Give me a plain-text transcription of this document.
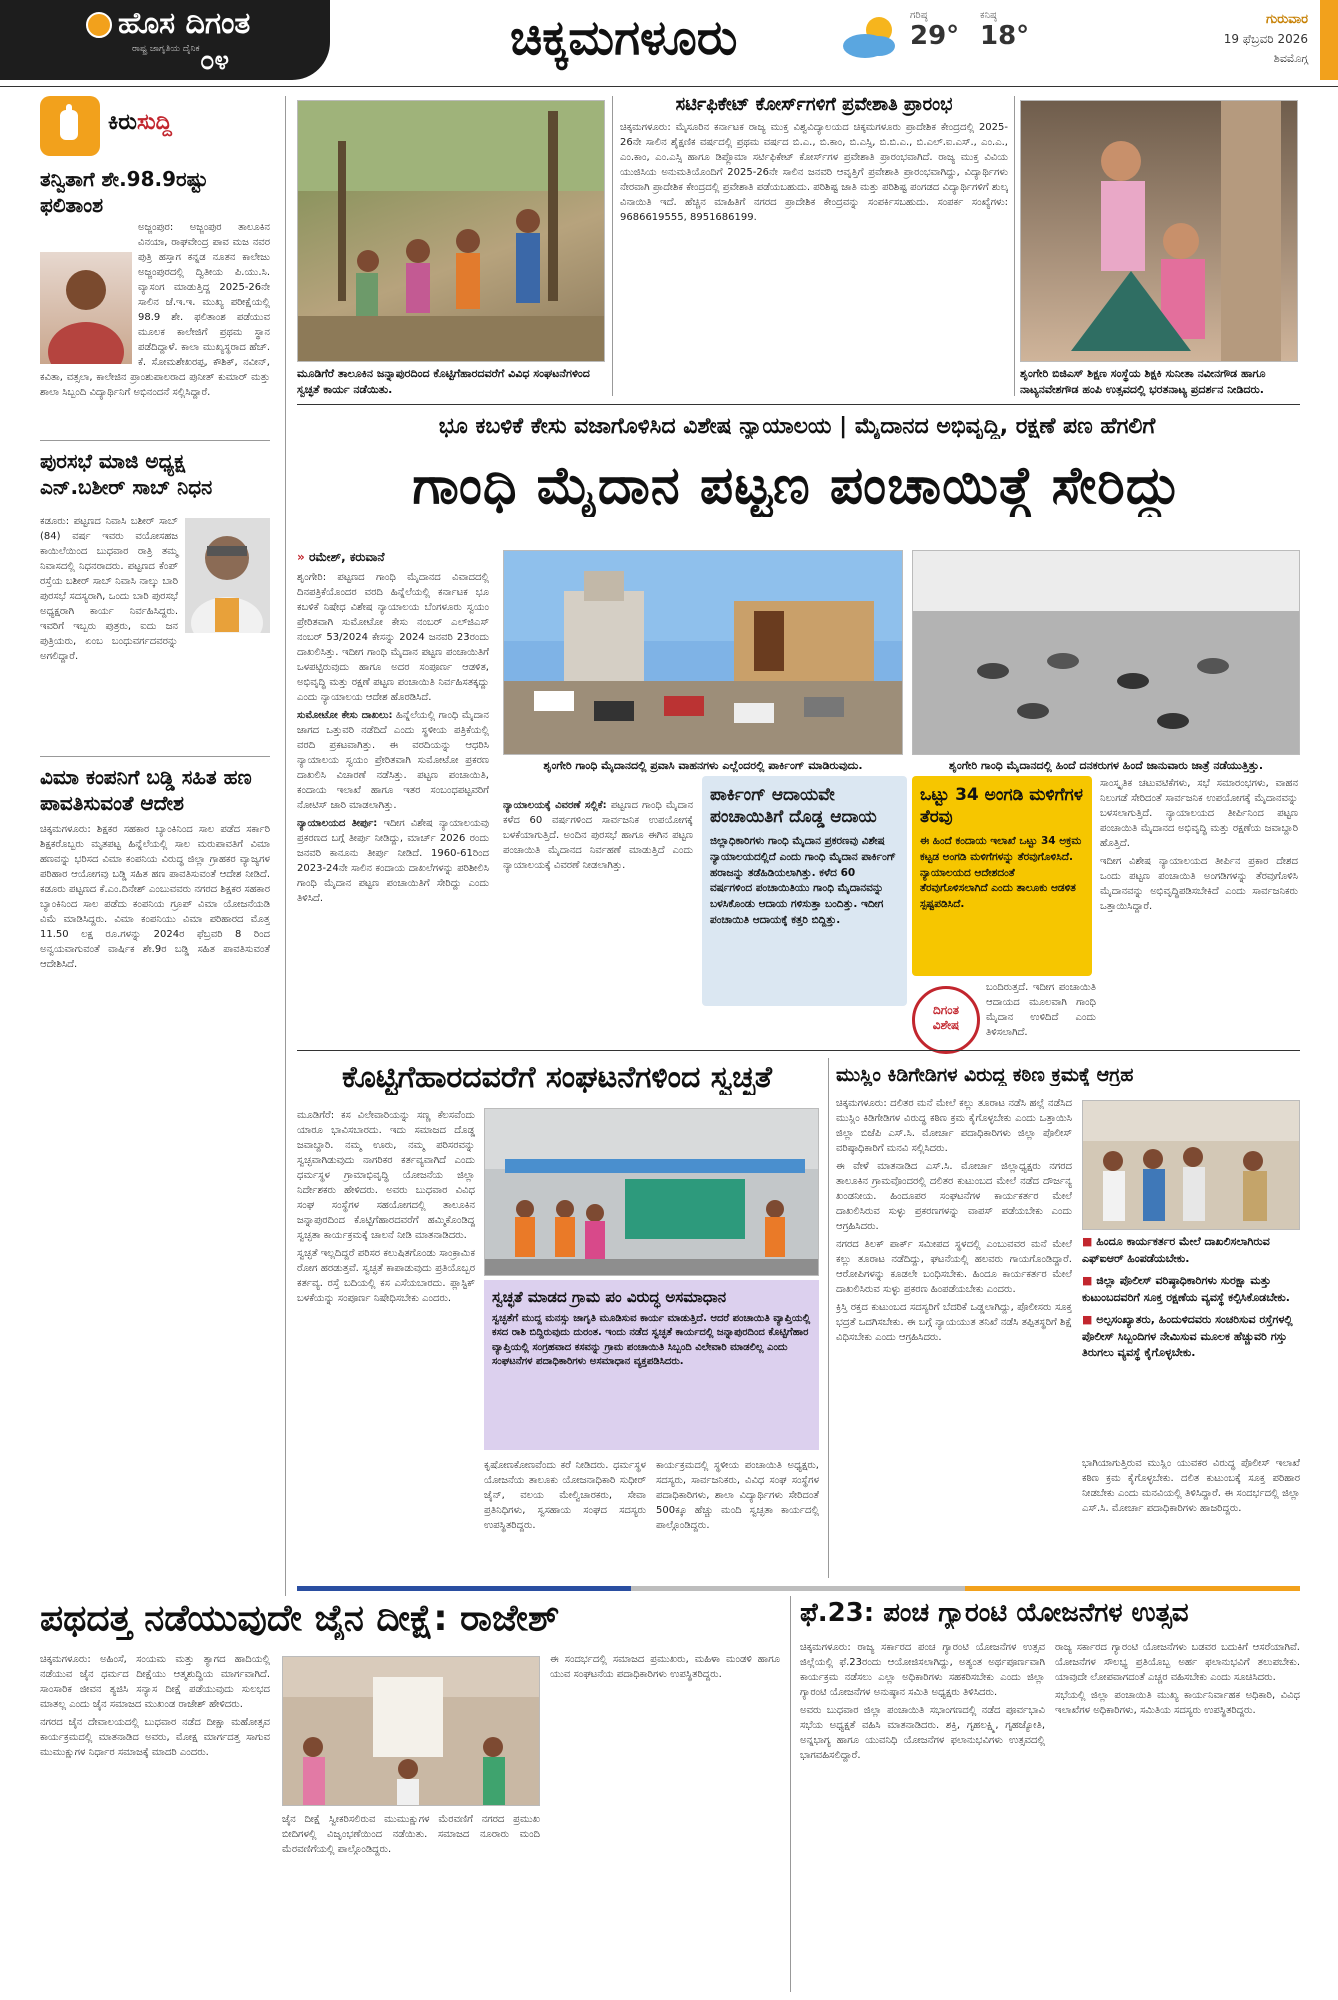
ಹೊಸ ದಿಗಂತ
ರಾಷ್ಟ್ರ ಜಾಗೃತಿಯ ದೈನಿಕ ೦೪	ಚಿಕ್ಕಮಗಳೂರು	ಗರಿಷ್ಠ
29°
ಕನಿಷ್ಠ
18°
ಗುರುವಾರ
19 ಫೆಬ್ರವರಿ 2026
ಶಿವಮೊಗ್ಗ
ಕಿರುಸುದ್ದಿ
ತನ್ವಿತಾಗೆ ಶೇ.98.9ರಷ್ಟು ಫಲಿತಾಂಶ
ಅಜ್ಜಂಪುರ: ಅಜ್ಜಂಪುರ ತಾಲೂಕಿನ ವಿನಯಾ, ರಾಘವೇಂದ್ರ ಪಾವ ಮಜ ನವರ ಪುತ್ರಿ ಹಸ್ತಾಗ ಕನ್ನಡ ನೂತನ ಕಾಲೇಜು ಅಜ್ಜಂಪುರದಲ್ಲಿ ದ್ವಿತೀಯ ಪಿ.ಯು.ಸಿ. ವ್ಯಾಸಂಗ ಮಾಡುತ್ತಿದ್ದ 2025-26ನೇ ಸಾಲಿನ ಜೆ.ಇ.ಇ. ಮುಖ್ಯ ಪರೀಕ್ಷೆಯಲ್ಲಿ 98.9 ಶೇ. ಫಲಿತಾಂಶ ಪಡೆಯುವ ಮೂಲಕ ಕಾಲೇಜಿಗೆ ಪ್ರಥಮ ಸ್ಥಾನ ಪಡೆದಿದ್ದಾಳೆ. ಕಾಲಾ ಮುಖ್ಯಸ್ಥರಾದ ಹೆಚ್. ಕೆ. ಸೋಮಶೇಖರಪ್ಪ, ಕೌಶಿಕ್, ನವೀನ್, ಕವಿತಾ, ವತ್ಸಲಾ, ಕಾಲೇಜಿನ ಪ್ರಾಂಶುಪಾಲರಾದ ಪುನೀತ್ ಕುಮಾರ್ ಮತ್ತು ಶಾಲಾ ಸಿಬ್ಬಂದಿ ವಿದ್ಯಾರ್ಥಿನಿಗೆ ಅಭಿನಂದನೆ ಸಲ್ಲಿಸಿದ್ದಾರೆ.
ಪುರಸಭೆ ಮಾಜಿ ಅಧ್ಯಕ್ಷ ಎನ್.ಬಶೀರ್ ಸಾಬ್ ನಿಧನ
ಕಡೂರು: ಪಟ್ಟಣದ ನಿವಾಸಿ ಬಶೀರ್ ಸಾಬ್ (84) ವರ್ಷ ಇವರು ವಯೋಸಹಜ ಕಾಯಿಲೆಯಿಂದ ಬುಧವಾರ ರಾತ್ರಿ ತಮ್ಮ ನಿವಾಸದಲ್ಲಿ ನಿಧನರಾದರು. ಪಟ್ಟಣದ ಕೆಂಪ್‌ ರಸ್ತೆಯ ಬಶೀರ್ ಸಾಬ್ ನಿವಾಸಿ ನಾಲ್ಕು ಬಾರಿ ಪುರಸಭೆ ಸದಸ್ಯರಾಗಿ, ಒಂದು ಬಾರಿ ಪುರಸಭೆ ಅಧ್ಯಕ್ಷರಾಗಿ ಕಾರ್ಯ ನಿರ್ವಹಿಸಿದ್ದರು. ಇವರಿಗೆ ಇಬ್ಬರು ಪುತ್ರರು, ಐದು ಜನ ಪುತ್ರಿಯರು, ಏಂಬ ಬಂಧುವರ್ಗದವರನ್ನು ಅಗಲಿದ್ದಾರೆ.
ವಿಮಾ ಕಂಪನಿಗೆ ಬಡ್ಡಿ ಸಹಿತ ಹಣ ಪಾವತಿಸುವಂತೆ ಆದೇಶ
ಚಿಕ್ಕಮಗಳೂರು: ಶಿಕ್ಷಕರ ಸಹಕಾರ ಬ್ಯಾಂಕಿನಿಂದ ಸಾಲ ಪಡೆದ ಸರ್ಕಾರಿ ಶಿಕ್ಷಕರೊಬ್ಬರು ಮೃತಪಟ್ಟ ಹಿನ್ನೆಲೆಯಲ್ಲಿ ಸಾಲ ಮರುಪಾವತಿಗೆ ವಿಮಾ ಹಣವನ್ನು ಭರಿಸದ ವಿಮಾ ಕಂಪನಿಯ ವಿರುದ್ಧ ಜಿಲ್ಲಾ ಗ್ರಾಹಕರ ವ್ಯಾಜ್ಯಗಳ ಪರಿಹಾರ ಆಯೋಗವು ಬಡ್ಡಿ ಸಹಿತ ಹಣ ಪಾವತಿಸುವಂತೆ ಆದೇಶ ನೀಡಿದೆ. ಕಡೂರು ಪಟ್ಟಣದ ಕೆ.ಎಂ.ದಿನೇಶ್ ಎಂಬುವವರು ನಗರದ ಶಿಕ್ಷಕರ ಸಹಕಾರ ಬ್ಯಾಂಕಿನಿಂದ ಸಾಲ ಪಡೆದು ಕಂಪನಿಯ ಗ್ರೂಪ್ ವಿಮಾ ಯೋಜನೆಯಡಿ ವಿಮೆ ಮಾಡಿಸಿದ್ದರು. ವಿಮಾ ಕಂಪನಿಯು ವಿಮಾ ಪರಿಹಾರದ ಮೊತ್ತ 11.50 ಲಕ್ಷ ರೂ.ಗಳನ್ನು 2024ರ ಫೆಬ್ರವರಿ 8 ರಿಂದ ಅನ್ವಯವಾಗುವಂತೆ ವಾರ್ಷಿಕ ಶೇ.9ರ ಬಡ್ಡಿ ಸಹಿತ ಪಾವತಿಸುವಂತೆ ಆದೇಶಿಸಿದೆ.
ಮೂಡಿಗೆರೆ ತಾಲೂಕಿನ ಜನ್ನಾಪುರದಿಂದ ಕೊಟ್ಟಿಗೆಹಾರದವರೆಗೆ ವಿವಿಧ ಸಂಘಟನೆಗಳಿಂದ ಸ್ವಚ್ಛತೆ ಕಾರ್ಯ ನಡೆಯಿತು.
ಸರ್ಟಿಫಿಕೇಟ್ ಕೋರ್ಸ್‌ಗಳಿಗೆ ಪ್ರವೇಶಾತಿ ಪ್ರಾರಂಭ
ಚಿಕ್ಕಮಗಳೂರು: ಮೈಸೂರಿನ ಕರ್ನಾಟಕ ರಾಜ್ಯ ಮುಕ್ತ ವಿಶ್ವವಿದ್ಯಾಲಯದ ಚಿಕ್ಕಮಗಳೂರು ಪ್ರಾದೇಶಿಕ ಕೇಂದ್ರದಲ್ಲಿ 2025-26ನೇ ಸಾಲಿನ ಶೈಕ್ಷಣಿಕ ವರ್ಷದಲ್ಲಿ ಪ್ರಥಮ ವರ್ಷದ ಬಿ.ಎ., ಬಿ.ಕಾಂ, ಬಿ.ಎಸ್ಸಿ, ಬಿ.ಬಿ.ಎ., ಬಿ.ಎಲ್.ಐ.ಎಸ್., ಎಂ.ಎ., ಎಂ.ಕಾಂ, ಎಂ.ಎಸ್ಸಿ ಹಾಗೂ ಡಿಪ್ಲೊಮಾ ಸರ್ಟಿಫಿಕೇಟ್ ಕೋರ್ಸ್‌ಗಳ ಪ್ರವೇಶಾತಿ ಪ್ರಾರಂಭವಾಗಿದೆ. ರಾಜ್ಯ ಮುಕ್ತ ವಿವಿಯ ಯುಜಿಸಿಯ ಅನುಮತಿಯೊಂದಿಗೆ 2025-26ನೇ ಸಾಲಿನ ಜನವರಿ ಆವೃತ್ತಿಗೆ ಪ್ರವೇಶಾತಿ ಪ್ರಾರಂಭವಾಗಿದ್ದು, ವಿದ್ಯಾರ್ಥಿಗಳು ನೇರವಾಗಿ ಪ್ರಾದೇಶಿಕ ಕೇಂದ್ರದಲ್ಲಿ ಪ್ರವೇಶಾತಿ ಪಡೆಯಬಹುದು. ಪರಿಶಿಷ್ಟ ಜಾತಿ ಮತ್ತು ಪರಿಶಿಷ್ಟ ಪಂಗಡದ ವಿದ್ಯಾರ್ಥಿಗಳಿಗೆ ಶುಲ್ಕ ವಿನಾಯಿತಿ ಇದೆ. ಹೆಚ್ಚಿನ ಮಾಹಿತಿಗೆ ನಗರದ ಪ್ರಾದೇಶಿಕ ಕೇಂದ್ರವನ್ನು ಸಂಪರ್ಕಿಸಬಹುದು. ಸಂಪರ್ಕ ಸಂಖ್ಯೆಗಳು: 9686619555, 8951686199.
ಶೃಂಗೇರಿ ಬಿಜಿಎಸ್ ಶಿಕ್ಷಣ ಸಂಸ್ಥೆಯ ಶಿಕ್ಷಕಿ ಸುನೀತಾ ನವೀನಗೌಡ ಹಾಗೂ ನಾಟ್ಯನವೇಶಗೌಡ ಹಂಪಿ ಉತ್ಸವದಲ್ಲಿ ಭರತನಾಟ್ಯ ಪ್ರದರ್ಶನ ನೀಡಿದರು.
ಭೂ ಕಬಳಿಕೆ ಕೇಸು ವಜಾಗೊಳಿಸಿದ ವಿಶೇಷ ನ್ಯಾಯಾಲಯ | ಮೈದಾನದ ಅಭಿವೃದ್ಧಿ, ರಕ್ಷಣೆ ಪಣ ಹೆಗಲಿಗೆ
ಗಾಂಧಿ ಮೈದಾನ ಪಟ್ಟಣ ಪಂಚಾಯಿತ್ಗೆ ಸೇರಿದ್ದು
» ರಮೇಶ್, ಕರುವಾನೆ

ಶೃಂಗೇರಿ: ಪಟ್ಟಣದ ಗಾಂಧಿ ಮೈದಾನದ ವಿವಾದದಲ್ಲಿ ದಿನಪತ್ರಿಕೆಯೊಂದರ ವರದಿ ಹಿನ್ನೆಲೆಯಲ್ಲಿ ಕರ್ನಾಟಕ ಭೂ ಕಬಳಿಕೆ ನಿಷೇಧ ವಿಶೇಷ ನ್ಯಾಯಾಲಯ ಬೆಂಗಳೂರು ಸ್ವಯಂ ಪ್ರೇರಿತವಾಗಿ ಸುಮೋಟೋ ಕೇಸು ನಂಬರ್ ಎಲ್‌ಜಿಎಸ್ ನಂಬರ್ 53/2024 ಕೇಸನ್ನು 2024 ಜನವರಿ 23ರಂದು ದಾಖಲಿಸಿತ್ತು. ಇದೀಗ ಗಾಂಧಿ ಮೈದಾನ ಪಟ್ಟಣ ಪಂಚಾಯಿತಿಗೆ ಒಳಪಟ್ಟಿರುವುದು ಹಾಗೂ ಅದರ ಸಂಪೂರ್ಣ ಆಡಳಿತ, ಅಭಿವೃದ್ಧಿ ಮತ್ತು ರಕ್ಷಣೆ ಪಟ್ಟಣ ಪಂಚಾಯಿತಿ ನಿರ್ವಹಿಸತಕ್ಕದ್ದು ಎಂದು ನ್ಯಾಯಾಲಯ ಆದೇಶ ಹೊರಡಿಸಿದೆ.

ಸುಮೋಟೋ ಕೇಸು ದಾಖಲು: ಹಿನ್ನೆಲೆಯಲ್ಲಿ ಗಾಂಧಿ ಮೈದಾನ ಜಾಗದ ಒತ್ತುವರಿ ನಡೆದಿದೆ ಎಂದು ಸ್ಥಳೀಯ ಪತ್ರಿಕೆಯಲ್ಲಿ ವರದಿ ಪ್ರಕಟವಾಗಿತ್ತು. ಈ ವರದಿಯನ್ನು ಆಧರಿಸಿ ನ್ಯಾಯಾಲಯ ಸ್ವಯಂ ಪ್ರೇರಿತವಾಗಿ ಸುಮೋಟೋ ಪ್ರಕರಣ ದಾಖಲಿಸಿ ವಿಚಾರಣೆ ನಡೆಸಿತ್ತು. ಪಟ್ಟಣ ಪಂಚಾಯಿತಿ, ಕಂದಾಯ ಇಲಾಖೆ ಹಾಗೂ ಇತರ ಸಂಬಂಧಪಟ್ಟವರಿಗೆ ನೋಟಿಸ್ ಜಾರಿ ಮಾಡಲಾಗಿತ್ತು.

ನ್ಯಾಯಾಲಯದ ತೀರ್ಪು: ಇದೀಗ ವಿಶೇಷ ನ್ಯಾಯಾಲಯವು ಪ್ರಕರಣದ ಬಗ್ಗೆ ತೀರ್ಪು ನೀಡಿದ್ದು, ಮಾರ್ಚ್ 2026 ರಂದು ಜನವರಿ ಕಾನೂನು ತೀರ್ಪು ನೀಡಿದೆ. 1960-61ರಿಂದ 2023-24ನೇ ಸಾಲಿನ ಕಂದಾಯ ದಾಖಲೆಗಳನ್ನು ಪರಿಶೀಲಿಸಿ ಗಾಂಧಿ ಮೈದಾನ ಪಟ್ಟಣ ಪಂಚಾಯಿತಿಗೆ ಸೇರಿದ್ದು ಎಂದು ತಿಳಿಸಿದೆ.

ಶೃಂಗೇರಿ ಗಾಂಧಿ ಮೈದಾನದಲ್ಲಿ ಪ್ರವಾಸಿ ವಾಹನಗಳು ಎಲ್ಲೆಂದರಲ್ಲಿ ಪಾರ್ಕಿಂಗ್ ಮಾಡಿರುವುದು.	ಶೃಂಗೇರಿ ಗಾಂಧಿ ಮೈದಾನದಲ್ಲಿ ಹಿಂದೆ ದನಕರುಗಳ ಹಿಂದೆ ಜಾನುವಾರು ಜಾತ್ರೆ ನಡೆಯುತ್ತಿತ್ತು.

ನ್ಯಾಯಾಲಯಕ್ಕೆ ವಿವರಣೆ ಸಲ್ಲಿಕೆ: ಪಟ್ಟಣದ ಗಾಂಧಿ ಮೈದಾನ ಕಳೆದ 60 ವರ್ಷಗಳಿಂದ ಸಾರ್ವಜನಿಕ ಉಪಯೋಗಕ್ಕೆ ಬಳಕೆಯಾಗುತ್ತಿದೆ. ಅಂದಿನ ಪುರಸಭೆ ಹಾಗೂ ಈಗಿನ ಪಟ್ಟಣ ಪಂಚಾಯಿತಿ ಮೈದಾನದ ನಿರ್ವಹಣೆ ಮಾಡುತ್ತಿದೆ ಎಂದು ನ್ಯಾಯಾಲಯಕ್ಕೆ ವಿವರಣೆ ನೀಡಲಾಗಿತ್ತು.

ಪಾರ್ಕಿಂಗ್ ಆದಾಯವೇ ಪಂಚಾಯಿತಿಗೆ ದೊಡ್ಡ ಆದಾಯ
ಜಿಲ್ಲಾಧಿಕಾರಿಗಳು ಗಾಂಧಿ ಮೈದಾನ ಪ್ರಕರಣವು ವಿಶೇಷ ನ್ಯಾಯಾಲಯದಲ್ಲಿದೆ ಎಂದು ಗಾಂಧಿ ಮೈದಾನ ಪಾರ್ಕಿಂಗ್ ಹರಾಜನ್ನು ತಡೆಹಿಡಿಯಲಾಗಿತ್ತು. ಕಳೆದ 60 ವರ್ಷಗಳಿಂದ ಪಂಚಾಯಿತಿಯು ಗಾಂಧಿ ಮೈದಾನವನ್ನು ಬಳಸಿಕೊಂಡು ಆದಾಯ ಗಳಿಸುತ್ತಾ ಬಂದಿತ್ತು. ಇದೀಗ ಪಂಚಾಯಿತಿ ಆದಾಯಕ್ಕೆ ಕತ್ತರಿ ಬಿದ್ದಿತ್ತು.
ಒಟ್ಟು 34 ಅಂಗಡಿ ಮಳಿಗೆಗಳ ತೆರವು
ಈ ಹಿಂದೆ ಕಂದಾಯ ಇಲಾಖೆ ಒಟ್ಟು 34 ಅಕ್ರಮ ಕಟ್ಟಡ ಅಂಗಡಿ ಮಳಿಗೆಗಳನ್ನು ತೆರವುಗೊಳಿಸಿದೆ. ನ್ಯಾಯಾಲಯದ ಆದೇಶದಂತೆ ತೆರವುಗೊಳಿಸಲಾಗಿದೆ ಎಂದು ತಾಲೂಕು ಆಡಳಿತ ಸ್ಪಷ್ಟಪಡಿಸಿದೆ.
ದಿಗಂತ
ವಿಶೇಷ
ಬಂದಿರುತ್ತದೆ. ಇದೀಗ ಪಂಚಾಯಿತಿ ಆದಾಯದ ಮೂಲವಾಗಿ ಗಾಂಧಿ ಮೈದಾನ ಉಳಿದಿದೆ ಎಂದು ತಿಳಿಸಲಾಗಿದೆ.

ಸಾಂಸ್ಕೃತಿಕ ಚಟುವಟಿಕೆಗಳು, ಸಭೆ ಸಮಾರಂಭಗಳು, ವಾಹನ ನಿಲುಗಡೆ ಸೇರಿದಂತೆ ಸಾರ್ವಜನಿಕ ಉಪಯೋಗಕ್ಕೆ ಮೈದಾನವನ್ನು ಬಳಸಲಾಗುತ್ತಿದೆ. ನ್ಯಾಯಾಲಯದ ತೀರ್ಪಿನಿಂದ ಪಟ್ಟಣ ಪಂಚಾಯಿತಿ ಮೈದಾನದ ಅಭಿವೃದ್ಧಿ ಮತ್ತು ರಕ್ಷಣೆಯ ಜವಾಬ್ದಾರಿ ಹೊತ್ತಿದೆ.

ಇದೀಗ ವಿಶೇಷ ನ್ಯಾಯಾಲಯದ ತೀರ್ಪಿನ ಪ್ರಕಾರ ದೇಶದ ಒಂದು ಪಟ್ಟಣ ಪಂಚಾಯಿತಿ ಅಂಗಡಿಗಳನ್ನು ತೆರವುಗೊಳಿಸಿ ಮೈದಾನವನ್ನು ಅಭಿವೃದ್ಧಿಪಡಿಸಬೇಕಿದೆ ಎಂದು ಸಾರ್ವಜನಿಕರು ಒತ್ತಾಯಿಸಿದ್ದಾರೆ.

ಕೊಟ್ಟಿಗೆಹಾರದವರೆಗೆ ಸಂಘಟನೆಗಳಿಂದ ಸ್ವಚ್ಛತೆ

ಮೂಡಿಗೆರೆ: ಕಸ ವಿಲೇವಾರಿಯನ್ನು ಸಣ್ಣ ಕೆಲಸವೆಂದು ಯಾರೂ ಭಾವಿಸಬಾರದು. ಇದು ಸಮಾಜದ ದೊಡ್ಡ ಜವಾಬ್ದಾರಿ. ನಮ್ಮ ಊರು, ನಮ್ಮ ಪರಿಸರವನ್ನು ಸ್ವಚ್ಛವಾಗಿಡುವುದು ನಾಗರಿಕರ ಕರ್ತವ್ಯವಾಗಿದೆ ಎಂದು ಧರ್ಮಸ್ಥಳ ಗ್ರಾಮಾಭಿವೃದ್ಧಿ ಯೋಜನೆಯ ಜಿಲ್ಲಾ ನಿರ್ದೇಶಕರು ಹೇಳಿದರು. ಅವರು ಬುಧವಾರ ವಿವಿಧ ಸಂಘ ಸಂಸ್ಥೆಗಳ ಸಹಯೋಗದಲ್ಲಿ ತಾಲೂಕಿನ ಜನ್ನಾಪುರದಿಂದ ಕೊಟ್ಟಿಗೆಹಾರದವರೆಗೆ ಹಮ್ಮಿಕೊಂಡಿದ್ದ ಸ್ವಚ್ಛತಾ ಕಾರ್ಯಕ್ರಮಕ್ಕೆ ಚಾಲನೆ ನೀಡಿ ಮಾತನಾಡಿದರು.

ಸ್ವಚ್ಛತೆ ಇಲ್ಲದಿದ್ದರೆ ಪರಿಸರ ಕಲುಷಿತಗೊಂಡು ಸಾಂಕ್ರಾಮಿಕ ರೋಗ ಹರಡುತ್ತವೆ. ಸ್ವಚ್ಛತೆ ಕಾಪಾಡುವುದು ಪ್ರತಿಯೊಬ್ಬರ ಕರ್ತವ್ಯ. ರಸ್ತೆ ಬದಿಯಲ್ಲಿ ಕಸ ಎಸೆಯಬಾರದು. ಪ್ಲಾಸ್ಟಿಕ್ ಬಳಕೆಯನ್ನು ಸಂಪೂರ್ಣ ನಿಷೇಧಿಸಬೇಕು ಎಂದರು.	ಸ್ವಚ್ಛತೆ ಮಾಡದ ಗ್ರಾಮ ಪಂ ವಿರುದ್ಧ ಅಸಮಾಧಾನ
ಸ್ವಚ್ಛತೆಗೆ ಮುದ್ದ ಮನಸ್ಸು ಜಾಗೃತಿ ಮೂಡಿಸುವ ಕಾರ್ಯ ಮಾಡುತ್ತಿದೆ. ಆದರೆ ಪಂಚಾಯಿತಿ ವ್ಯಾಪ್ತಿಯಲ್ಲಿ ಕಸದ ರಾಶಿ ಬಿದ್ದಿರುವುದು ದುರಂತ. ಇಂದು ನಡೆದ ಸ್ವಚ್ಛತೆ ಕಾರ್ಯದಲ್ಲಿ ಜನ್ನಾಪುರದಿಂದ ಕೊಟ್ಟಿಗೆಹಾರ ವ್ಯಾಪ್ತಿಯಲ್ಲಿ ಸಂಗ್ರಹವಾದ ಕಸವನ್ನು ಗ್ರಾಮ ಪಂಚಾಯಿತಿ ಸಿಬ್ಬಂದಿ ವಿಲೇವಾರಿ ಮಾಡಲಿಲ್ಲ ಎಂದು ಸಂಘಟನೆಗಳ ಪದಾಧಿಕಾರಿಗಳು ಅಸಮಾಧಾನ ವ್ಯಕ್ತಪಡಿಸಿದರು.
ಕೃಷೋಣಕೋಣವೆಂದು ಕರೆ ನೀಡಿದರು. ಧರ್ಮಸ್ಥಳ ಯೋಜನೆಯ ತಾಲೂಕು ಯೋಜನಾಧಿಕಾರಿ ಸುಧೀರ್ ಜೈನ್, ವಲಯ ಮೇಲ್ವಿಚಾರಕರು, ಸೇವಾ ಪ್ರತಿನಿಧಿಗಳು, ಸ್ವಸಹಾಯ ಸಂಘದ ಸದಸ್ಯರು ಉಪಸ್ಥಿತರಿದ್ದರು.
ಕಾರ್ಯಕ್ರಮದಲ್ಲಿ ಸ್ಥಳೀಯ ಪಂಚಾಯಿತಿ ಅಧ್ಯಕ್ಷರು, ಸದಸ್ಯರು, ಸಾರ್ವಜನಿಕರು, ವಿವಿಧ ಸಂಘ ಸಂಸ್ಥೆಗಳ ಪದಾಧಿಕಾರಿಗಳು, ಶಾಲಾ ವಿದ್ಯಾರ್ಥಿಗಳು ಸೇರಿದಂತೆ 500ಕ್ಕೂ ಹೆಚ್ಚು ಮಂದಿ ಸ್ವಚ್ಛತಾ ಕಾರ್ಯದಲ್ಲಿ ಪಾಲ್ಗೊಂಡಿದ್ದರು.
ಮುಸ್ಲಿಂ ಕಿಡಿಗೇಡಿಗಳ ವಿರುದ್ಧ ಕಠಿಣ ಕ್ರಮಕ್ಕೆ ಆಗ್ರಹ

ಚಿಕ್ಕಮಗಳೂರು: ದಲಿತರ ಮನೆ ಮೇಲೆ ಕಲ್ಲು ತೂರಾಟ ನಡೆಸಿ ಹಲ್ಲೆ ನಡೆಸಿದ ಮುಸ್ಲಿಂ ಕಿಡಿಗೇಡಿಗಳ ವಿರುದ್ಧ ಕಠಿಣ ಕ್ರಮ ಕೈಗೊಳ್ಳಬೇಕು ಎಂದು ಒತ್ತಾಯಿಸಿ ಜಿಲ್ಲಾ ಬಿಜೆಪಿ ಎಸ್.ಸಿ. ಮೋರ್ಚಾ ಪದಾಧಿಕಾರಿಗಳು ಜಿಲ್ಲಾ ಪೊಲೀಸ್ ವರಿಷ್ಠಾಧಿಕಾರಿಗೆ ಮನವಿ ಸಲ್ಲಿಸಿದರು.

ಈ ವೇಳೆ ಮಾತನಾಡಿದ ಎಸ್.ಸಿ. ಮೋರ್ಚಾ ಜಿಲ್ಲಾಧ್ಯಕ್ಷರು ನಗರದ ತಾಲೂಕಿನ ಗ್ರಾಮವೊಂದರಲ್ಲಿ ದಲಿತರ ಕುಟುಂಬದ ಮೇಲೆ ನಡೆದ ದೌರ್ಜನ್ಯ ಖಂಡನೀಯ. ಹಿಂದೂಪರ ಸಂಘಟನೆಗಳ ಕಾರ್ಯಕರ್ತರ ಮೇಲೆ ದಾಖಲಿಸಿರುವ ಸುಳ್ಳು ಪ್ರಕರಣಗಳನ್ನು ವಾಪಸ್ ಪಡೆಯಬೇಕು ಎಂದು ಆಗ್ರಹಿಸಿದರು.

ನಗರದ ತಿಲಕ್ ಪಾರ್ಕ್ ಸಮೀಪದ ಸ್ಥಳದಲ್ಲಿ ಎಂಬುವವರ ಮನೆ ಮೇಲೆ ಕಲ್ಲು ತೂರಾಟ ನಡೆದಿದ್ದು, ಘಟನೆಯಲ್ಲಿ ಹಲವರು ಗಾಯಗೊಂಡಿದ್ದಾರೆ. ಆರೋಪಿಗಳನ್ನು ಕೂಡಲೇ ಬಂಧಿಸಬೇಕು. ಹಿಂದೂ ಕಾರ್ಯಕರ್ತರ ಮೇಲೆ ದಾಖಲಿಸಿರುವ ಸುಳ್ಳು ಪ್ರಕರಣ ಹಿಂಪಡೆಯಬೇಕು ಎಂದರು.

ಕ್ರಿಸ್ತಿ ರಕ್ತದ ಕುಟುಂಬದ ಸದಸ್ಯರಿಗೆ ಬೆದರಿಕೆ ಒಡ್ಡಲಾಗಿದ್ದು, ಪೊಲೀಸರು ಸೂಕ್ತ ಭದ್ರತೆ ಒದಗಿಸಬೇಕು. ಈ ಬಗ್ಗೆ ನ್ಯಾಯಯುತ ತನಿಖೆ ನಡೆಸಿ ತಪ್ಪಿತಸ್ಥರಿಗೆ ಶಿಕ್ಷೆ ವಿಧಿಸಬೇಕು ಎಂದು ಆಗ್ರಹಿಸಿದರು.

■ ಹಿಂದೂ ಕಾರ್ಯಕರ್ತರ ಮೇಲೆ ದಾಖಲಿಸಲಾಗಿರುವ ಎಫ್‌ಐಆರ್ ಹಿಂಪಡೆಯಬೇಕು.
■ ಜಿಲ್ಲಾ ಪೊಲೀಸ್ ವರಿಷ್ಠಾಧಿಕಾರಿಗಳು ಸುರಕ್ಷಾ ಮತ್ತು ಕುಟುಂಬದವರಿಗೆ ಸೂಕ್ತ ರಕ್ಷಣೆಯ ವ್ಯವಸ್ಥೆ ಕಲ್ಪಿಸಿಕೊಡಬೇಕು.
■ ಅಲ್ಪಸಂಖ್ಯಾತರು, ಹಿಂದುಳಿದವರು ಸಂಚರಿಸುವ ರಸ್ತೆಗಳಲ್ಲಿ ಪೊಲೀಸ್ ಸಿಬ್ಬಂದಿಗಳ ನೇಮಿಸುವ ಮೂಲಕ ಹೆಚ್ಚುವರಿ ಗಸ್ತು ತಿರುಗಲು ವ್ಯವಸ್ಥೆ ಕೈಗೊಳ್ಳಬೇಕು.
ಭಾಗಿಯಾಗುತ್ತಿರುವ ಮುಸ್ಲಿಂ ಯುವಕರ ವಿರುದ್ಧ ಪೊಲೀಸ್ ಇಲಾಖೆ ಕಠಿಣ ಕ್ರಮ ಕೈಗೊಳ್ಳಬೇಕು. ದಲಿತ ಕುಟುಂಬಕ್ಕೆ ಸೂಕ್ತ ಪರಿಹಾರ ನೀಡಬೇಕು ಎಂದು ಮನವಿಯಲ್ಲಿ ತಿಳಿಸಿದ್ದಾರೆ. ಈ ಸಂದರ್ಭದಲ್ಲಿ ಜಿಲ್ಲಾ ಎಸ್.ಸಿ. ಮೋರ್ಚಾ ಪದಾಧಿಕಾರಿಗಳು ಹಾಜರಿದ್ದರು.
ಪಥದತ್ತ ನಡೆಯುವುದೇ ಜೈನ ದೀಕ್ಷೆ: ರಾಜೇಶ್

ಚಿಕ್ಕಮಗಳೂರು: ಅಹಿಂಸೆ, ಸಂಯಮ ಮತ್ತು ತ್ಯಾಗದ ಹಾದಿಯಲ್ಲಿ ನಡೆಯುವ ಜೈನ ಧರ್ಮದ ದೀಕ್ಷೆಯು ಆತ್ಮಶುದ್ಧಿಯ ಮಾರ್ಗವಾಗಿದೆ. ಸಾಂಸಾರಿಕ ಜೀವನ ತ್ಯಜಿಸಿ ಸನ್ಯಾಸ ದೀಕ್ಷೆ ಪಡೆಯುವುದು ಸುಲಭದ ಮಾತಲ್ಲ ಎಂದು ಜೈನ ಸಮಾಜದ ಮುಖಂಡ ರಾಜೇಶ್ ಹೇಳಿದರು.

ನಗರದ ಜೈನ ದೇವಾಲಯದಲ್ಲಿ ಬುಧವಾರ ನಡೆದ ದೀಕ್ಷಾ ಮಹೋತ್ಸವ ಕಾರ್ಯಕ್ರಮದಲ್ಲಿ ಮಾತನಾಡಿದ ಅವರು, ಮೋಕ್ಷ ಮಾರ್ಗದತ್ತ ಸಾಗುವ ಮುಮುಕ್ಷುಗಳ ನಿರ್ಧಾರ ಸಮಾಜಕ್ಕೆ ಮಾದರಿ ಎಂದರು.

ಜೈನ ದೀಕ್ಷೆ ಸ್ವೀಕರಿಸಲಿರುವ ಮುಮುಕ್ಷುಗಳ ಮೆರವಣಿಗೆ ನಗರದ ಪ್ರಮುಖ ಬೀದಿಗಳಲ್ಲಿ ವಿಜೃಂಭಣೆಯಿಂದ ನಡೆಯಿತು. ಸಮಾಜದ ನೂರಾರು ಮಂದಿ ಮೆರವಣಿಗೆಯಲ್ಲಿ ಪಾಲ್ಗೊಂಡಿದ್ದರು.
ಈ ಸಂದರ್ಭದಲ್ಲಿ ಸಮಾಜದ ಪ್ರಮುಖರು, ಮಹಿಳಾ ಮಂಡಳಿ ಹಾಗೂ ಯುವ ಸಂಘಟನೆಯ ಪದಾಧಿಕಾರಿಗಳು ಉಪಸ್ಥಿತರಿದ್ದರು.
ಫೆ.23: ಪಂಚ ಗ್ಯಾರಂಟಿ ಯೋಜನೆಗಳ ಉತ್ಸವ

ಚಿಕ್ಕಮಗಳೂರು: ರಾಜ್ಯ ಸರ್ಕಾರದ ಪಂಚ ಗ್ಯಾರಂಟಿ ಯೋಜನೆಗಳ ಉತ್ಸವ ಜಿಲ್ಲೆಯಲ್ಲಿ ಫೆ.23ರಂದು ಆಯೋಜಿಸಲಾಗಿದ್ದು, ಅತ್ಯಂತ ಅರ್ಥಪೂರ್ಣವಾಗಿ ಕಾರ್ಯಕ್ರಮ ನಡೆಸಲು ಎಲ್ಲಾ ಅಧಿಕಾರಿಗಳು ಸಹಕರಿಸಬೇಕು ಎಂದು ಜಿಲ್ಲಾ ಗ್ಯಾರಂಟಿ ಯೋಜನೆಗಳ ಅನುಷ್ಠಾನ ಸಮಿತಿ ಅಧ್ಯಕ್ಷರು ತಿಳಿಸಿದರು.

ಅವರು ಬುಧವಾರ ಜಿಲ್ಲಾ ಪಂಚಾಯಿತಿ ಸಭಾಂಗಣದಲ್ಲಿ ನಡೆದ ಪೂರ್ವಭಾವಿ ಸಭೆಯ ಅಧ್ಯಕ್ಷತೆ ವಹಿಸಿ ಮಾತನಾಡಿದರು. ಶಕ್ತಿ, ಗೃಹಲಕ್ಷ್ಮಿ, ಗೃಹಜ್ಯೋತಿ, ಅನ್ನಭಾಗ್ಯ ಹಾಗೂ ಯುವನಿಧಿ ಯೋಜನೆಗಳ ಫಲಾನುಭವಿಗಳು ಉತ್ಸವದಲ್ಲಿ ಭಾಗವಹಿಸಲಿದ್ದಾರೆ.

ರಾಜ್ಯ ಸರ್ಕಾರದ ಗ್ಯಾರಂಟಿ ಯೋಜನೆಗಳು ಬಡವರ ಬದುಕಿಗೆ ಆಸರೆಯಾಗಿವೆ. ಯೋಜನೆಗಳ ಸೌಲಭ್ಯ ಪ್ರತಿಯೊಬ್ಬ ಅರ್ಹ ಫಲಾನುಭವಿಗೆ ತಲುಪಬೇಕು. ಯಾವುದೇ ಲೋಪವಾಗದಂತೆ ಎಚ್ಚರ ವಹಿಸಬೇಕು ಎಂದು ಸೂಚಿಸಿದರು.

ಸಭೆಯಲ್ಲಿ ಜಿಲ್ಲಾ ಪಂಚಾಯಿತಿ ಮುಖ್ಯ ಕಾರ್ಯನಿರ್ವಾಹಕ ಅಧಿಕಾರಿ, ವಿವಿಧ ಇಲಾಖೆಗಳ ಅಧಿಕಾರಿಗಳು, ಸಮಿತಿಯ ಸದಸ್ಯರು ಉಪಸ್ಥಿತರಿದ್ದರು.
